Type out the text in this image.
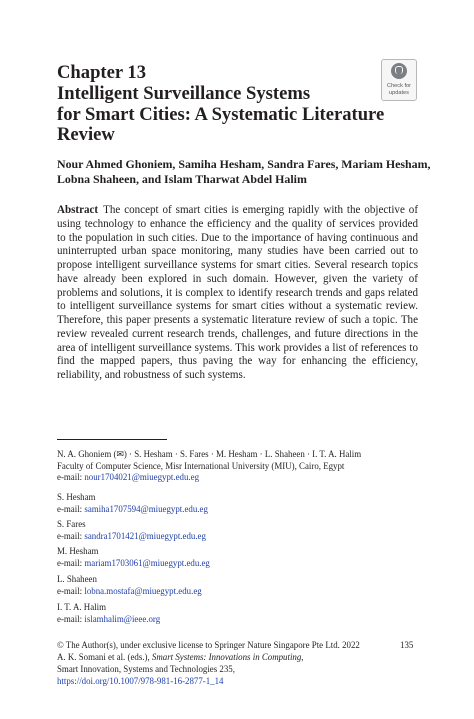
Chapter 13
Intelligent Surveillance Systems
for Smart Cities: A Systematic Literature
Review
Check for
updates
Nour Ahmed Ghoniem, Samiha Hesham, Sandra Fares, Mariam Hesham,
Lobna Shaheen, and Islam Tharwat Abdel Halim
Abstract The concept of smart cities is emerging rapidly with the objective of using technology to enhance the efficiency and the quality of services provided to the population in such cities. Due to the importance of having continuous and uninterrupted urban space monitoring, many studies have been carried out to propose intelligent surveillance systems for smart cities. Several research topics have already been explored in such domain. However, given the variety of problems and solutions, it is complex to identify research trends and gaps related to intelligent surveillance systems for smart cities without a systematic review. Therefore, this paper presents a systematic literature review of such a topic. The review revealed current research trends, challenges, and future directions in the area of intelligent surveillance systems. This work provides a list of references to find the mapped papers, thus paving the way for enhancing the efficiency, reliability, and robustness of such systems.
N. A. Ghoniem (✉) · S. Hesham · S. Fares · M. Hesham · L. Shaheen · I. T. A. Halim
Faculty of Computer Science, Misr International University (MIU), Cairo, Egypt
e-mail: nour1704021@miuegypt.edu.eg
S. Hesham
e-mail: samiha1707594@miuegypt.edu.eg
S. Fares
e-mail: sandra1701421@miuegypt.edu.eg
M. Hesham
e-mail: mariam1703061@miuegypt.edu.eg
L. Shaheen
e-mail: lobna.mostafa@miuegypt.edu.eg
I. T. A. Halim
e-mail: islamhalim@ieee.org
© The Author(s), under exclusive license to Springer Nature Singapore Pte Ltd. 2022
A. K. Somani et al. (eds.), Smart Systems: Innovations in Computing,
Smart Innovation, Systems and Technologies 235,
https://doi.org/10.1007/978-981-16-2877-1_14
135
